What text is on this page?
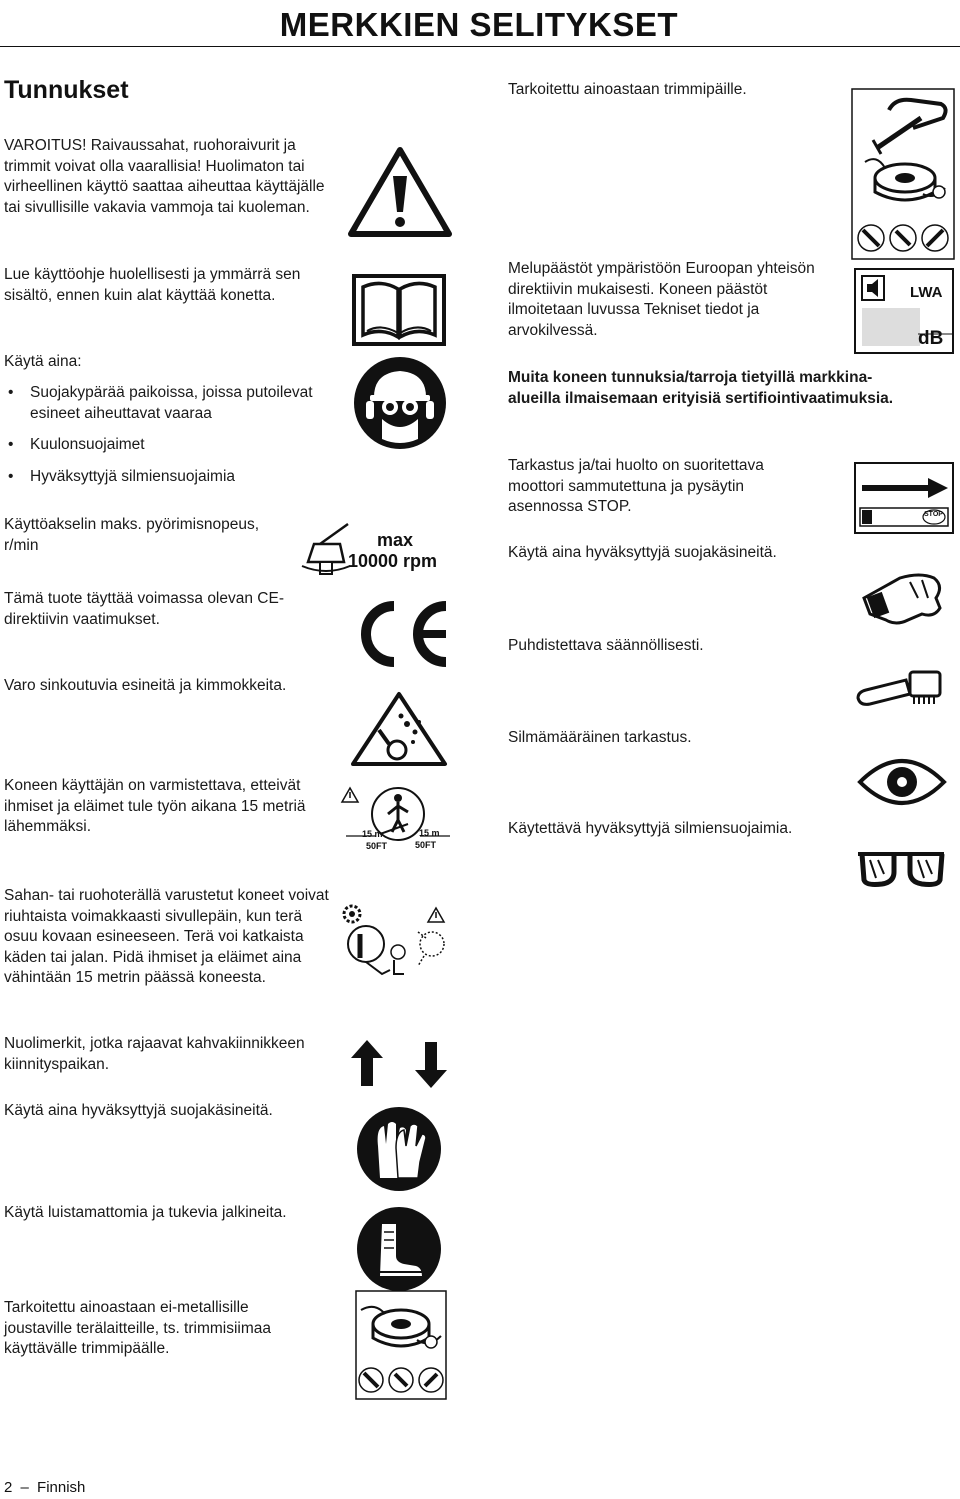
MERKKIEN SELITYKSET
Tunnukset
VAROITUS! Raivaussahat, ruohoraivurit ja trimmit voivat olla vaarallisia! Huolimaton tai virheellinen käyttö saattaa aiheuttaa käyttäjälle tai sivullisille vakavia vammoja tai kuoleman.
Lue käyttöohje huolellisesti ja ymmärrä sen sisältö, ennen kuin alat käyttää konetta.
Käytä aina:
• Suojakypärää paikoissa, joissa putoilevat esineet aiheuttavat vaaraa
• Kuulonsuojaimet
• Hyväksyttyjä silmiensuojaimia
Käyttöakselin maks. pyörimisnopeus, r/min
Tämä tuote täyttää voimassa olevan CE-direktiivin vaatimukset.
Varo sinkoutuvia esineitä ja kimmokkeita.
Koneen käyttäjän on varmistettava, etteivät ihmiset ja eläimet tule työn aikana 15 metriä lähemmäksi.
Sahan- tai ruohoterällä varustetut koneet voivat riuhtaista voimakkaasti sivullepäin, kun terä osuu kovaan esineeseen. Terä voi katkaista käden tai jalan. Pidä ihmiset ja eläimet aina vähintään 15 metrin päässä koneesta.
Nuolimerkit, jotka rajaavat kahvakiinnikkeen kiinnityspaikan.
Käytä aina hyväksyttyjä suojakäsineitä.
Käytä luistamattomia ja tukevia jalkineita.
Tarkoitettu ainoastaan ei-metallisille joustaville terälaitteille, ts. trimmisiimaa käyttävälle trimmipäälle.
Tarkoitettu ainoastaan trimmipäille.
Melupäästöt ympäristöön Euroopan yhteisön direktiivin mukaisesti. Koneen päästöt ilmoitetaan luvussa Tekniset tiedot ja arvokilvessä.
Muita koneen tunnuksia/tarroja tietyillä markkina-alueilla ilmaisemaan erityisiä sertifiointivaatimuksia.
Tarkastus ja/tai huolto on suoritettava moottori sammutettuna ja pysäytin asennossa STOP.
Käytä aina hyväksyttyjä suojakäsineitä.
Puhdistettava säännöllisesti.
Silmämääräinen tarkastus.
Käytettävä hyväksyttyjä silmiensuojaimia.
max
10000 rpm
15 m	15 m
50FT	50FT
LWA
dB
STOP
2 – Finnish
